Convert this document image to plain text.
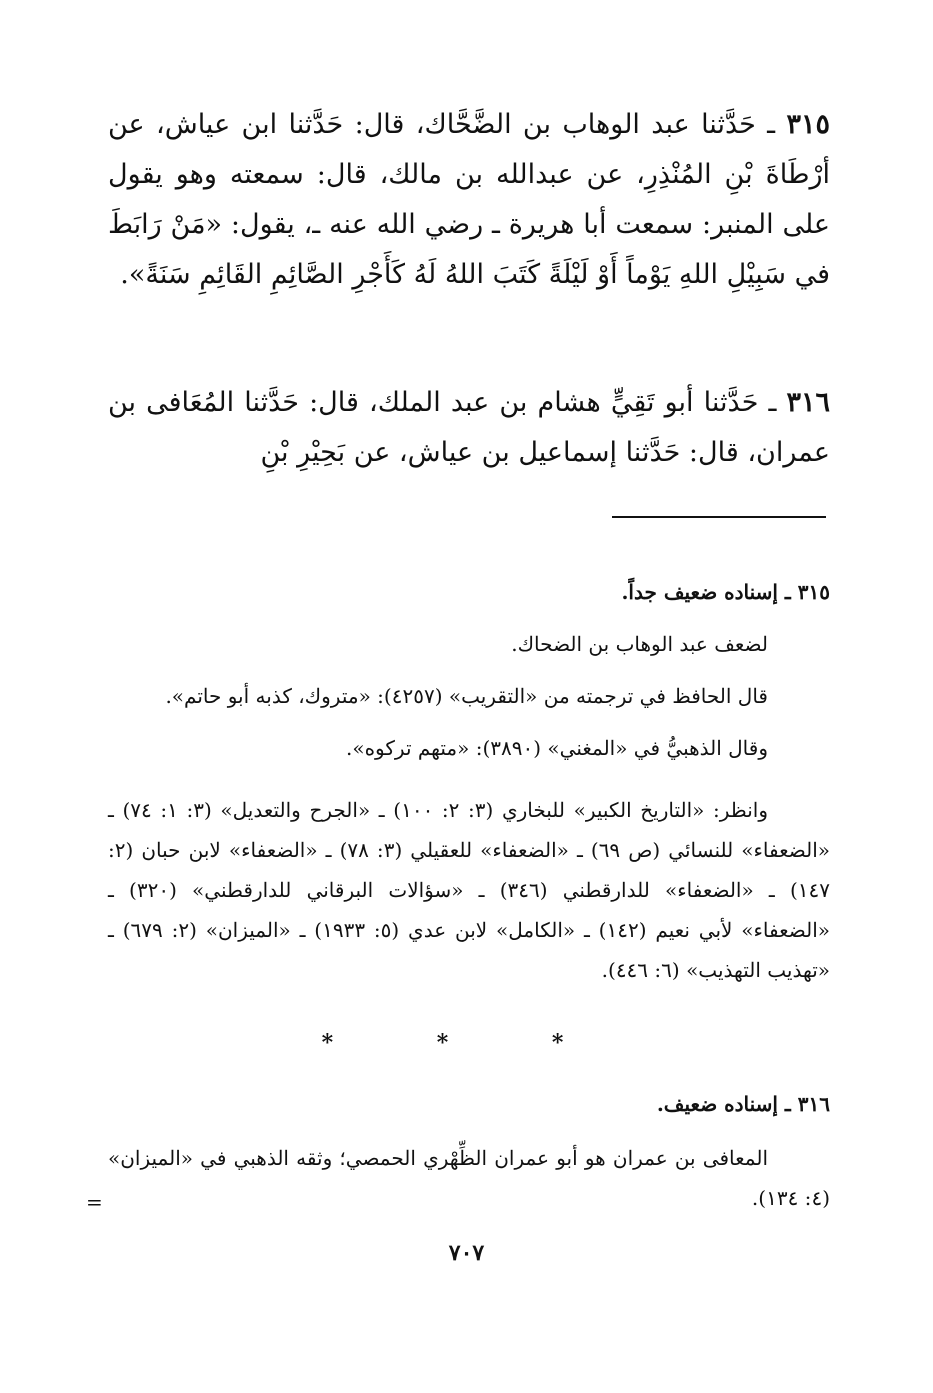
٣١٥ ـ حَدَّثنا عبد الوهاب بن الضَّحَّاك، قال: حَدَّثنا ابن عياش، عن أرْطَاةَ بْنِ المُنْذِرِ، عن عبدالله بن مالك، قال: سمعته وهو يقول على المنبر: سمعت أبا هريرة ـ رضي الله عنه ـ، يقول: «مَنْ رَابَطَ في سَبِيْلِ اللهِ يَوْماً أَوْ لَيْلَةً كَتَبَ اللهُ لَهُ كَأَجْرِ الصَّائِمِ القَائِمِ سَنَةً».
٣١٦ ـ حَدَّثنا أبو تَقِيٍّ هشام بن عبد الملك، قال: حَدَّثنا المُعَافى بن عمران، قال: حَدَّثنا إسماعيل بن عياش، عن بَحِيْرِ بْنِ
٣١٥ ـ إسناده ضعيف جداً.
لضعف عبد الوهاب بن الضحاك.
قال الحافظ في ترجمته من «التقريب» (٤٢٥٧): «متروك، كذبه أبو حاتم».
وقال الذهبيُّ في «المغني» (٣٨٩٠): «متهم تركوه».
وانظر: «التاريخ الكبير» للبخاري (٣: ٢: ١٠٠) ـ «الجرح والتعديل» (٣: ١: ٧٤) ـ «الضعفاء» للنسائي (ص ٦٩) ـ «الضعفاء» للعقيلي (٣: ٧٨) ـ «الضعفاء» لابن حبان (٢: ١٤٧) ـ «الضعفاء» للدارقطني (٣٤٦) ـ «سؤالات البرقاني للدارقطني» (٣٢٠) ـ «الضعفاء» لأبي نعيم (١٤٢) ـ «الكامل» لابن عدي (٥: ١٩٣٣) ـ «الميزان» (٢: ٦٧٩) ـ «تهذيب التهذيب» (٦: ٤٤٦).
* * *
٣١٦ ـ إسناده ضعيف.
المعافى بن عمران هو أبو عمران الظِّهْري الحمصي؛ وثقه الذهبي في «الميزان» (٤: ١٣٤).
=
٧٠٧
